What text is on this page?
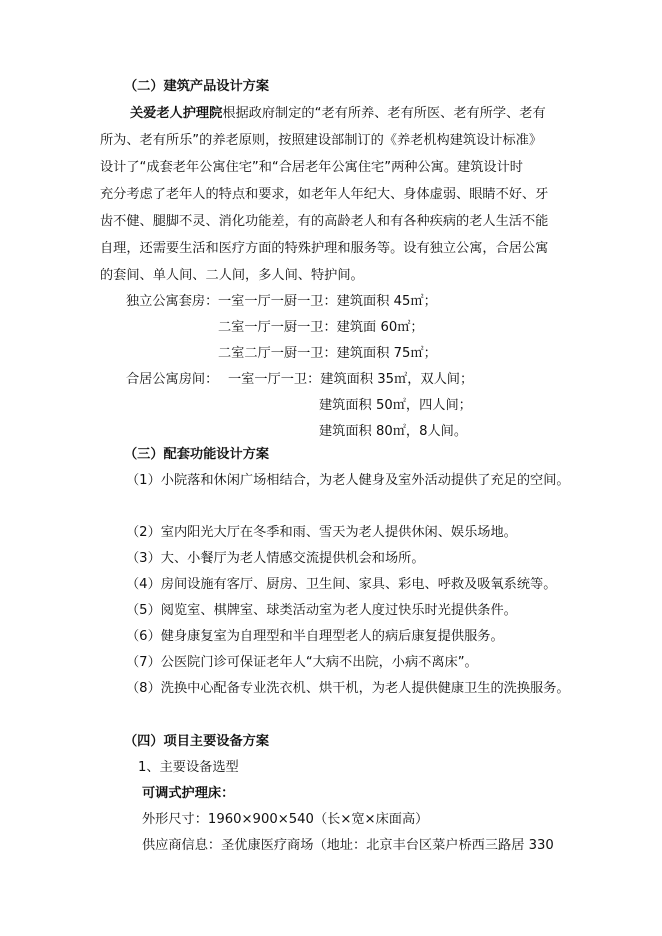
（二）建筑产品设计方案
关爱老人护理院根据政府制定的“老有所养、老有所医、老有所学、老有
所为、老有所乐”的养老原则，按照建设部制订的《养老机构建筑设计标准》
设计了“成套老年公寓住宅”和“合居老年公寓住宅”两种公寓。建筑设计时
充分考虑了老年人的特点和要求，如老年人年纪大、身体虚弱、眼睛不好、牙
齿不健、腿脚不灵、消化功能差，有的高龄老人和有各种疾病的老人生活不能
自理，还需要生活和医疗方面的特殊护理和服务等。设有独立公寓，合居公寓
的套间、单人间、二人间，多人间、特护间。
独立公寓套房： 一室一厅一厨一卫：建筑面积 45㎡；
二室一厅一厨一卫：建筑面 60㎡；
二室二厅一厨一卫：建筑面积 75㎡；
合居公寓房间： 一室一厅一卫：建筑面积 35㎡，双人间；
建筑面积 50㎡，四人间；
建筑面积 80㎡，8人间。
（三）配套功能设计方案
（1）小院落和休闲广场相结合，为老人健身及室外活动提供了充足的空间。
（2）室内阳光大厅在冬季和雨、雪天为老人提供休闲、娱乐场地。
（3）大、小餐厅为老人情感交流提供机会和场所。
（4）房间设施有客厅、厨房、卫生间、家具、彩电、呼救及吸氧系统等。
（5）阅览室、棋牌室、球类活动室为老人度过快乐时光提供条件。
（6）健身康复室为自理型和半自理型老人的病后康复提供服务。
（7）公医院门诊可保证老年人“大病不出院，小病不离床”。
（8）洗换中心配备专业洗衣机、烘干机，为老人提供健康卫生的洗换服务。
（四）项目主要设备方案
1、主要设备选型
可调式护理床：
外形尺寸：1960×900×540（长×宽×床面高）
供应商信息：圣优康医疗商场（地址：北京丰台区菜户桥西三路居 330
